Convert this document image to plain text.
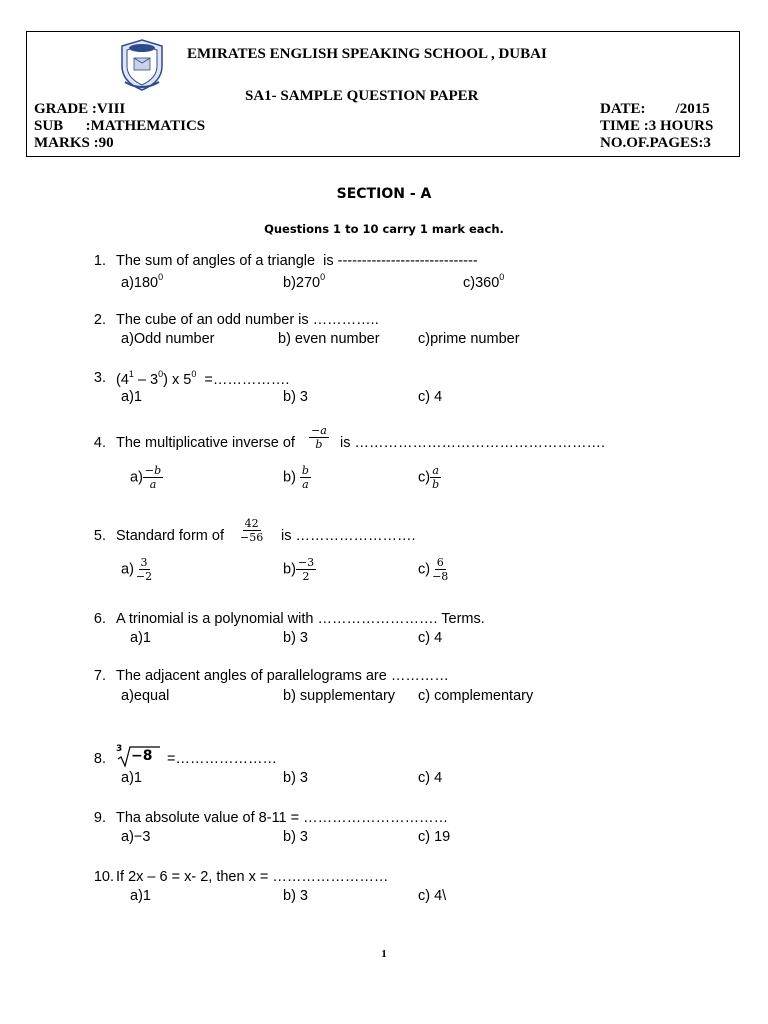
EMIRATES ENGLISH SPEAKING SCHOOL , DUBAI
SA1- SAMPLE QUESTION PAPER
GRADE :VIII
SUB      :MATHEMATICS
MARKS :90
DATE:        /2015
TIME :3 HOURS
NO.OF.PAGES:3
SECTION - A
Questions 1 to 10 carry 1 mark each.
1. The sum of angles of a triangle  is -----------------------------
$a)180^0$	$b)270^0$	$c)360^0$
2. The cube of an odd number is …………..
a)Odd number	b) even number	c)prime number
3. $(4^1 - 3^0)$ x $5^0$  =…………….
a)1	b) 3	c) 4
4. The multiplicative inverse of $\frac{-a}{b}$ is …………………………………………….
$a) \frac{-b}{a}$	$b) \frac{b}{a}$	$c) \frac{a}{b}$
5. Standard form of $\frac{42}{-56}$ is …………………….
$a) \frac{3}{-2}$	$b) \frac{-3}{2}$	$c) \frac{6}{-8}$
6. A trinomial is a polynomial with ……………………. Terms.
a)1	b) 3	c) 4
7. The adjacent angles of parallelograms are …………
a)equal	b) supplementary c) complementary
8.
3 −8 =…………………
a)1	b) 3	c) 4
9. Tha absolute value of 8-11 = …………………………
a)−3	b) 3	c) 19
10. If 2x – 6 = x- 2, then x = ……………………
a)1	b) 3	c) 4\
1
